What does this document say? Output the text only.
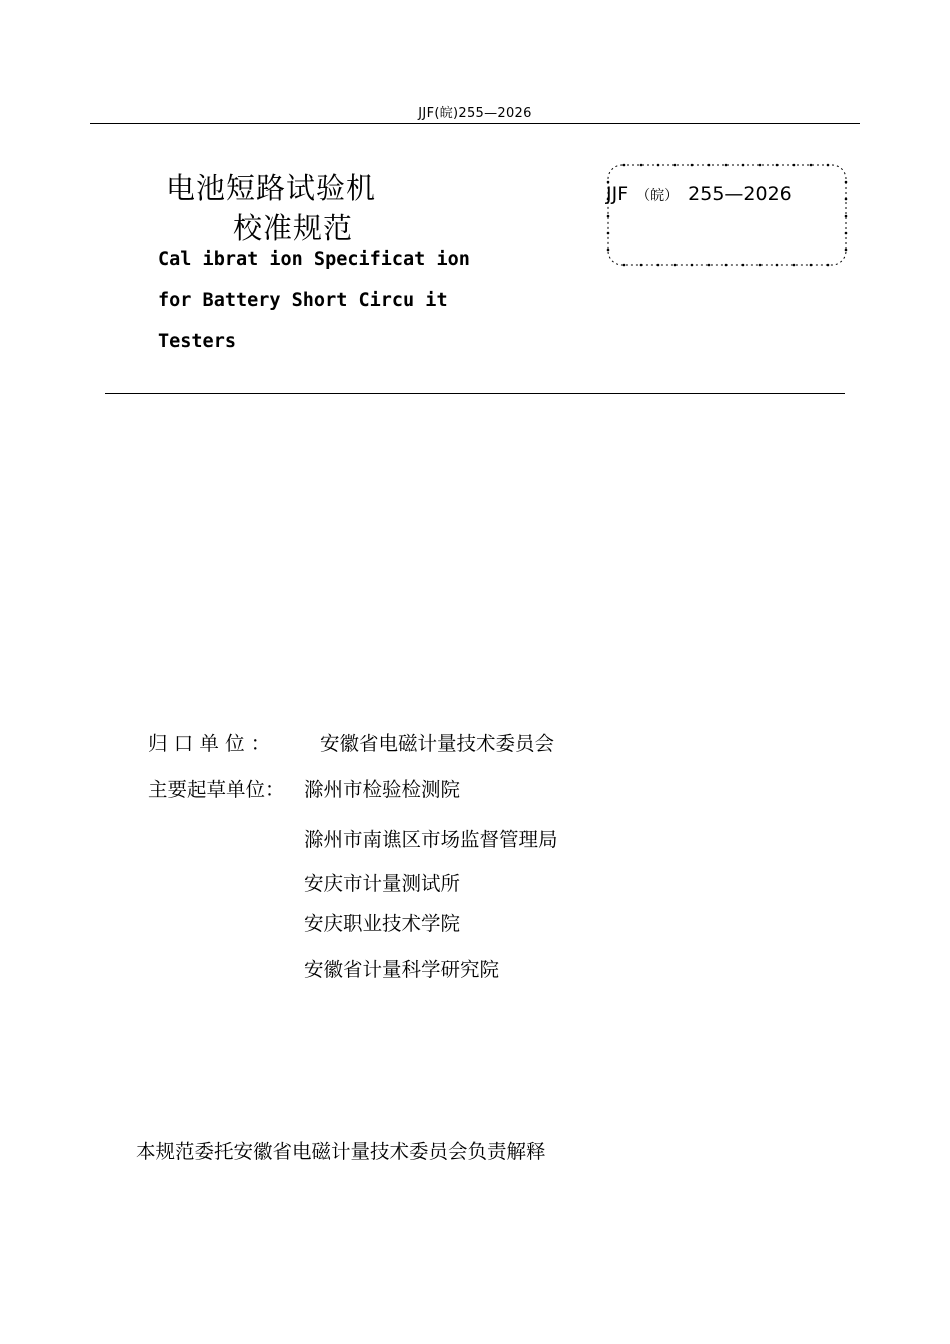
JJF(皖)255—2026
电池短路试验机
校准规范
Cal ibrat ion Specificat ion
for Battery Short Circu it
Testers
JJF （皖） 255—2026
归 口 单 位 ：	安徽省电磁计量技术委员会
主要起草单位： 滁州市检验检测院
滁州市南谯区市场监督管理局
安庆市计量测试所
安庆职业技术学院
安徽省计量科学研究院
本规范委托安徽省电磁计量技术委员会负责解释
